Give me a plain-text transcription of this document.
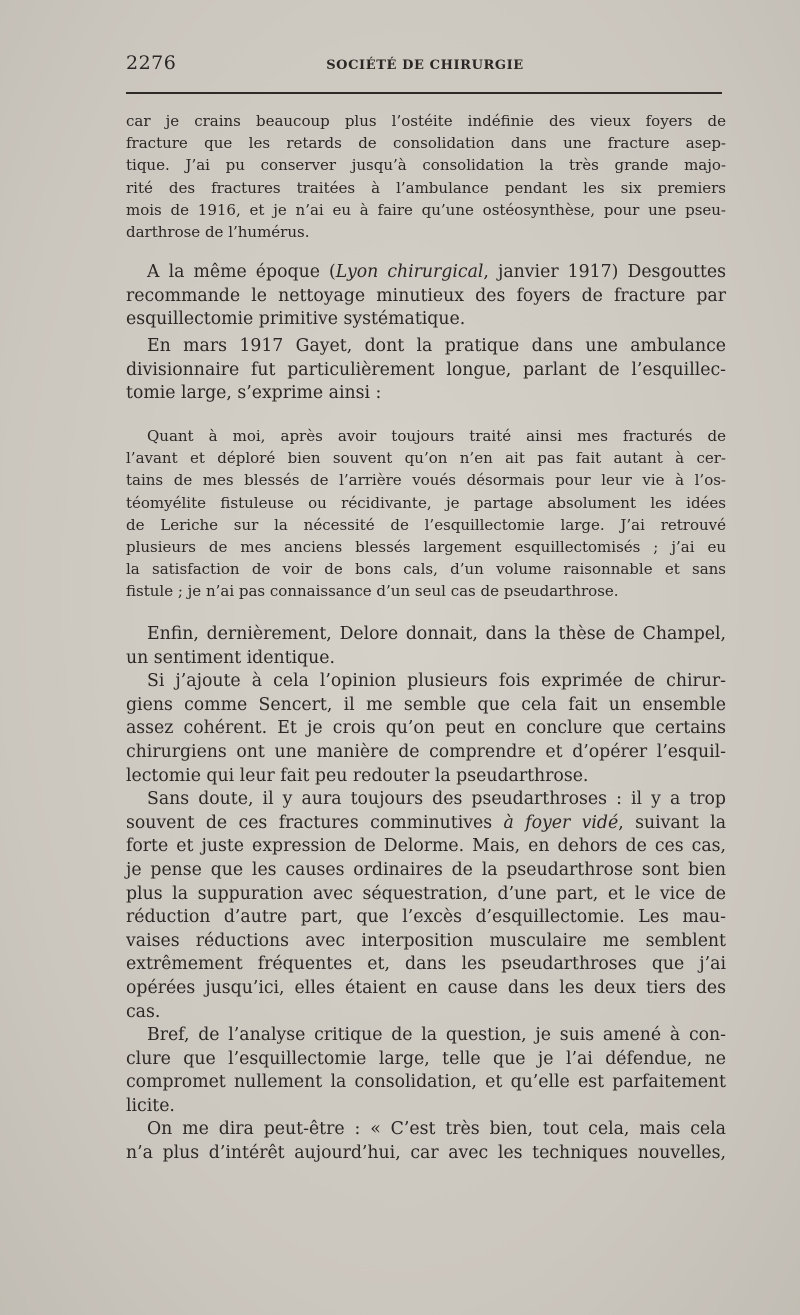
2276	SOCIÉTÉ DE CHIRURGIE

car je crains beaucoup plus l’ostéite indéfinie des vieux foyers de

fracture que les retards de consolidation dans une fracture asep-

tique. J’ai pu conserver jusqu’à consolidation la très grande majo-

rité des fractures traitées à l’ambulance pendant les six premiers

mois de 1916, et je n’ai eu à faire qu’une ostéosynthèse, pour une pseu-

darthrose de l’humérus.

A la même époque (Lyon chirurgical, janvier 1917) Desgouttes

recommande le nettoyage minutieux des foyers de fracture par

esquillectomie primitive systématique.

En mars 1917 Gayet, dont la pratique dans une ambulance

divisionnaire fut particulièrement longue, parlant de l’esquillec-

tomie large, s’exprime ainsi :

Quant à moi, après avoir toujours traité ainsi mes fracturés de

l’avant et déploré bien souvent qu’on n’en ait pas fait autant à cer-

tains de mes blessés de l’arrière voués désormais pour leur vie à l’os-

téomyélite fistuleuse ou récidivante, je partage absolument les idées

de Leriche sur la nécessité de l’esquillectomie large. J’ai retrouvé

plusieurs de mes anciens blessés largement esquillectomisés ; j’ai eu

la satisfaction de voir de bons cals, d’un volume raisonnable et sans

fistule ; je n’ai pas connaissance d’un seul cas de pseudarthrose.

Enfin, dernièrement, Delore donnait, dans la thèse de Champel,

un sentiment identique.

Si j’ajoute à cela l’opinion plusieurs fois exprimée de chirur-

giens comme Sencert, il me semble que cela fait un ensemble

assez cohérent. Et je crois qu’on peut en conclure que certains

chirurgiens ont une manière de comprendre et d’opérer l’esquil-

lectomie qui leur fait peu redouter la pseudarthrose.

Sans doute, il y aura toujours des pseudarthroses : il y a trop

souvent de ces fractures comminutives à foyer vidé, suivant la

forte et juste expression de Delorme. Mais, en dehors de ces cas,

je pense que les causes ordinaires de la pseudarthrose sont bien

plus la suppuration avec séquestration, d’une part, et le vice de

réduction d’autre part, que l’excès d’esquillectomie. Les mau-

vaises réductions avec interposition musculaire me semblent

extrêmement fréquentes et, dans les pseudarthroses que j’ai

opérées jusqu’ici, elles étaient en cause dans les deux tiers des

cas.

Bref, de l’analyse critique de la question, je suis amené à con-

clure que l’esquillectomie large, telle que je l’ai défendue, ne

compromet nullement la consolidation, et qu’elle est parfaitement

licite.

On me dira peut-être : « C’est très bien, tout cela, mais cela

n’a plus d’intérêt aujourd’hui, car avec les techniques nouvelles,
